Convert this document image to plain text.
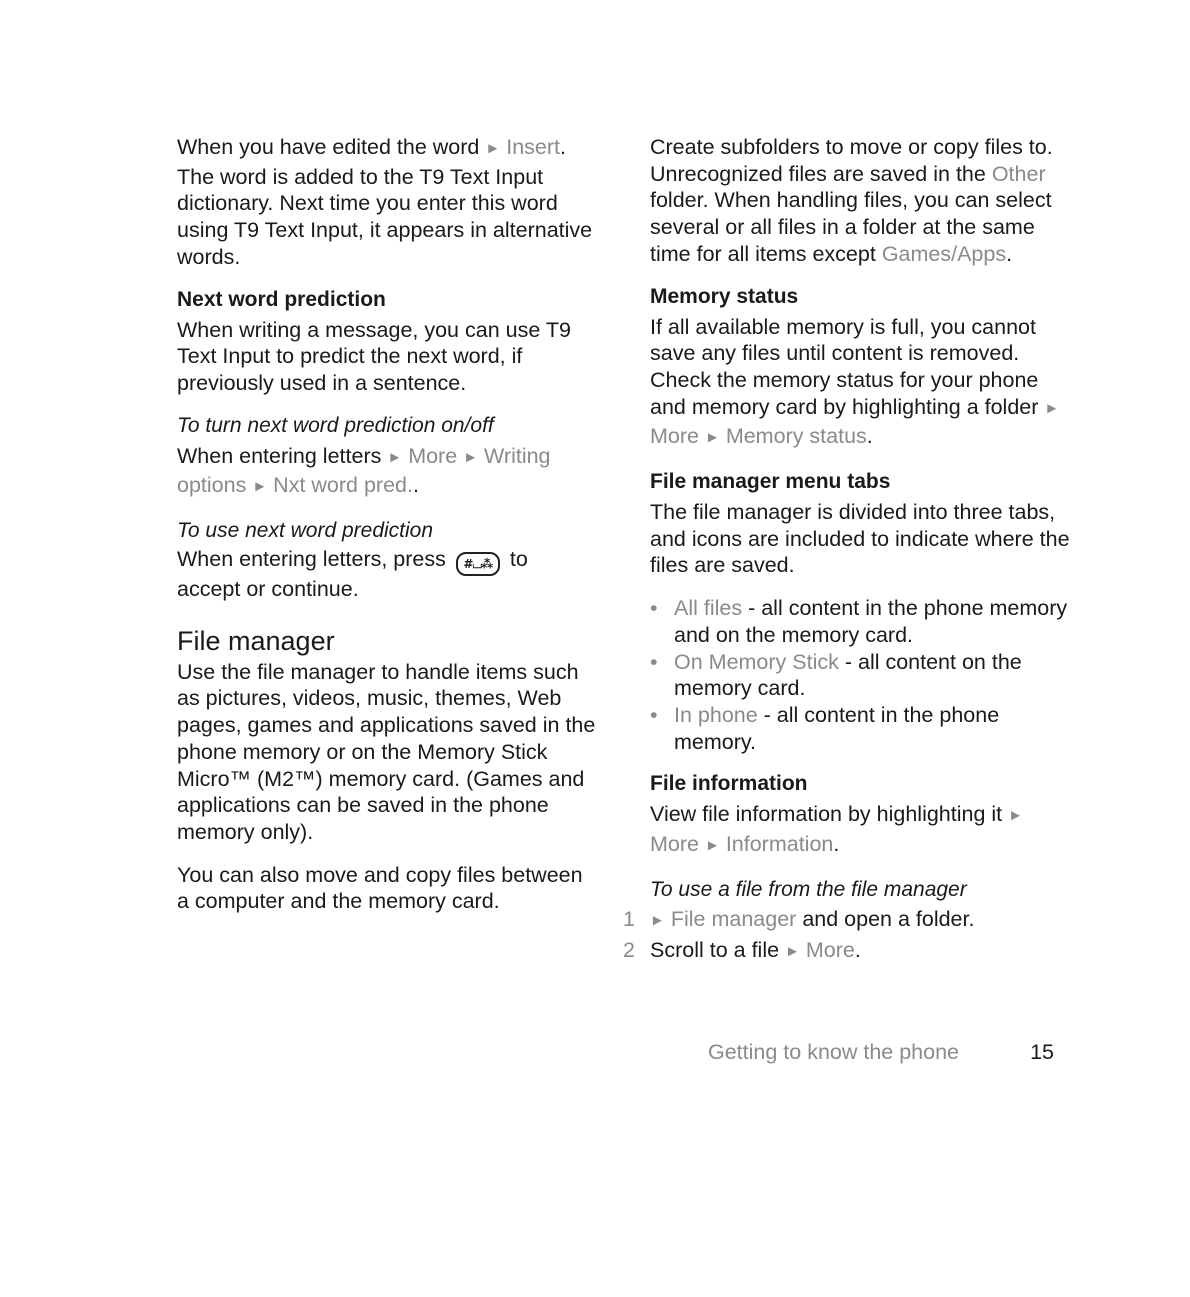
When you have edited the word ► Insert. The word is added to the T9 Text Input dictionary. Next time you enter this word using T9 Text Input, it appears in alternative words.

Next word prediction

When writing a message, you can use T9 Text Input to predict the next word, if previously used in a sentence.

To turn next word prediction on/off

When entering letters ► More ► Writing options ► Nxt word pred..

To use next word prediction

When entering letters, press #⌴⁂ to accept or continue.

File manager

Use the file manager to handle items such as pictures, videos, music, themes, Web pages, games and applications saved in the phone memory or on the Memory Stick Micro™ (M2™) memory card. (Games and applications can be saved in the phone memory only).

You can also move and copy files between a computer and the memory card.

Create subfolders to move or copy files to. Unrecognized files are saved in the Other folder. When handling files, you can select several or all files in a folder at the same time for all items except Games/Apps.

Memory status

If all available memory is full, you cannot save any files until content is removed. Check the memory status for your phone and memory card by highlighting a folder ► More ► Memory status.

File manager menu tabs

The file manager is divided into three tabs, and icons are included to indicate where the files are saved.

• All files - all content in the phone memory and on the memory card.
• On Memory Stick - all content on the memory card.
• In phone - all content in the phone memory.
File information

View file information by highlighting it ► More ► Information.

To use a file from the file manager
1 ► File manager and open a folder.
2 Scroll to a file ► More.
Getting to know the phone	15
